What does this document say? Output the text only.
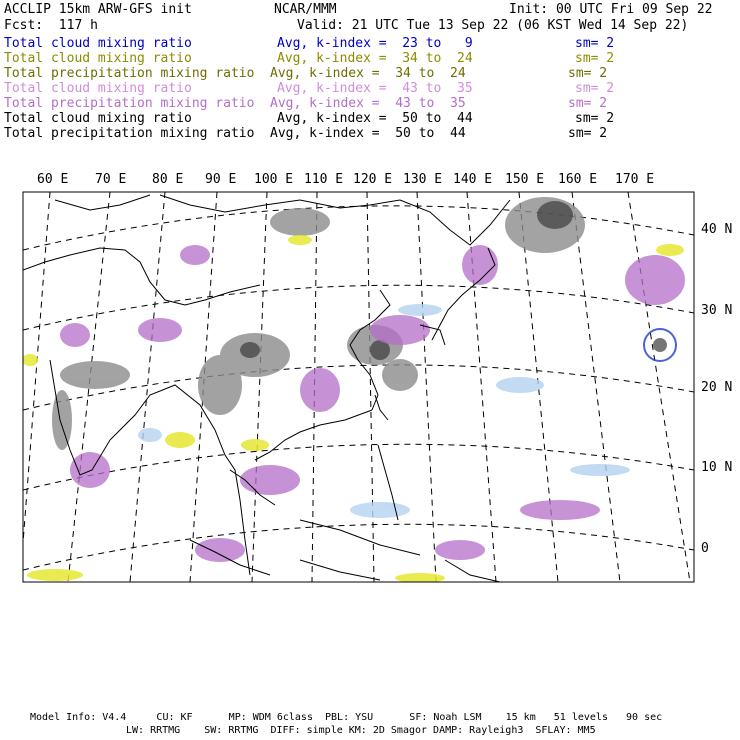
ACCLIP 15km ARW-GFS init	NCAR/MMM	Init: 00 UTC Fri 09 Sep 22
Fcst:  117 h	Valid: 21 UTC Tue 13 Sep 22 (06 KST Wed 14 Sep 22)
Total cloud mixing ratio	Avg, k-index =  23 to   9	sm= 2
Total cloud mixing ratio	Avg, k-index =  34 to  24	sm= 2
Total precipitation mixing ratio Avg, k-index =  34 to  24	sm= 2
Total cloud mixing ratio	Avg, k-index =  43 to  35	sm= 2
Total precipitation mixing ratio Avg, k-index =  43 to  35	sm= 2
Total cloud mixing ratio	Avg, k-index =  50 to  44	sm= 2
Total precipitation mixing ratio Avg, k-index =  50 to  44	sm= 2
60 E 70 E 80 E 90 E 100 E 110 E 120 E 130 E 140 E 150 E 160 E 170 E
40 N
30 N
20 N
10 N
0
Model Info: V4.4     CU: KF      MP: WDM 6class  PBL: YSU      SF: Noah LSM    15 km   51 levels   90 sec
LW: RRTMG    SW: RRTMG  DIFF: simple KM: 2D Smagor DAMP: Rayleigh3  SFLAY: MM5
